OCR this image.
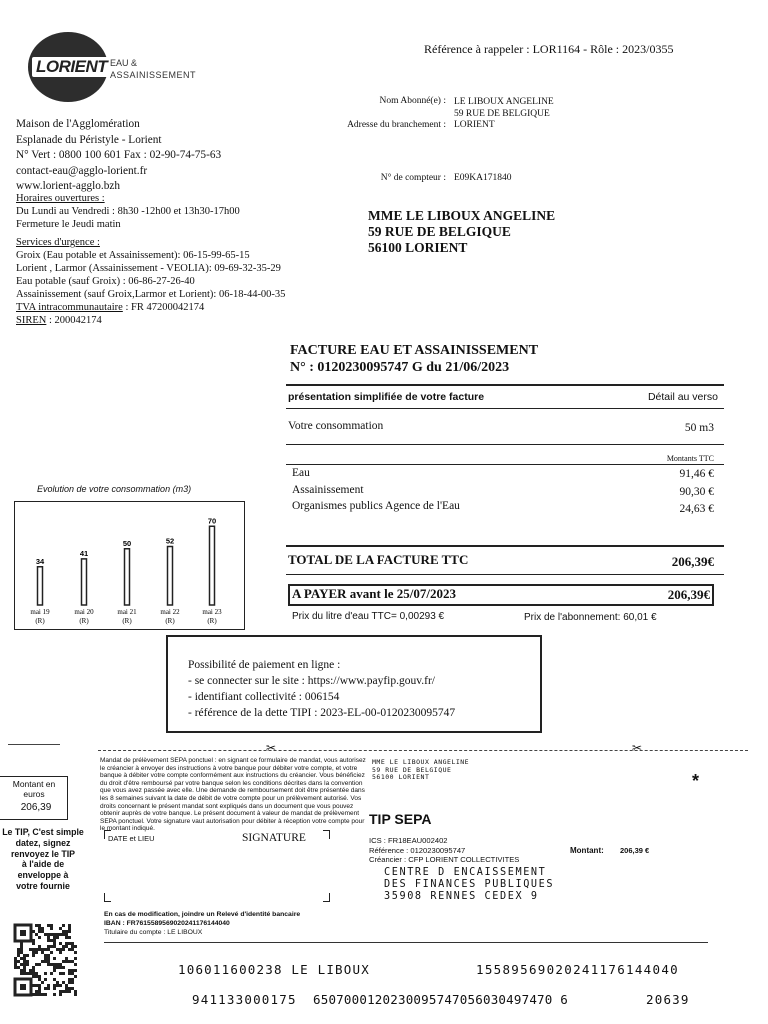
LORIENT EAU &
ASSAINISSEMENT
Référence à rappeler : LOR1164 - Rôle : 2023/0355
Maison de l'Agglomération
Esplanade du Péristyle - Lorient
N° Vert : 0800 100 601 Fax : 02-90-74-75-63
contact-eau@agglo-lorient.fr
www.lorient-agglo.bzh
Horaires ouvertures :
Du Lundi au Vendredi : 8h30 -12h00 et 13h30-17h00
Fermeture le Jeudi matin
Services d'urgence :
Groix (Eau potable et Assainissement): 06-15-99-65-15
Lorient , Larmor (Assainissement - VEOLIA): 09-69-32-35-29
Eau potable (sauf Groix) : 06-86-27-26-40
Assainissement (sauf Groix,Larmor et Lorient): 06-18-44-00-35
TVA intracommunautaire : FR 47200042174
SIREN : 200042174
Nom Abonné(e) : LE LIBOUX ANGELINE
59 RUE DE BELGIQUE
Adresse du branchement : LORIENT
N° de compteur : E09KA171840
MME LE LIBOUX ANGELINE
59 RUE DE BELGIQUE
56100 LORIENT
FACTURE EAU ET ASSAINISSEMENT
N° : 0120230095747 G du 21/06/2023
présentation simplifiée de votre facture	Détail au verso
Votre consommation	50 m3
Montants TTC
Eau	91,46 €
Assainissement	90,30 €
Organismes publics Agence de l'Eau	24,63 €
TOTAL DE LA FACTURE TTC	206,39€
A PAYER avant le 25/07/2023	206,39€
Prix du litre d'eau TTC= 0,00293 €	Prix de l'abonnement: 60,01 €
Evolution de votre consommation (m3)
34
mai 19
(R)
41
mai 20
(R)
50
mai 21
(R)
52
mai 22
(R)
70
mai 23
(R)
Possibilité de paiement en ligne :
- se connecter sur le site : https://www.payfip.gouv.fr/
- identifiant collectivité : 006154
- référence de la dette TIPI : 2023-EL-00-0120230095747
✂	✂
Montant en euros
206,39
Le TIP, C'est simple
datez, signez
renvoyez le TIP
à l'aide de
enveloppe à
votre fournie
Mandat de prélèvement SEPA ponctuel : en signant ce formulaire de mandat, vous autorisez le créancier à envoyer des instructions à votre banque pour débiter votre compte, et votre banque à débiter votre compte conformément aux instructions du créancier. Vous bénéficiez du droit d'être remboursé par votre banque selon les conditions décrites dans la convention que vous avez passée avec elle. Une demande de remboursement doit être présentée dans les 8 semaines suivant la date de débit de votre compte pour un prélèvement autorisé. Vos droits concernant le présent mandat sont expliqués dans un document que vous pouvez obtenir auprès de votre banque. Le présent document à valeur de mandat de prélèvement SEPA ponctuel. Votre signature vaut autorisation pour débiter à réception votre compte pour le montant indiqué.
DATE et LIEU	SIGNATURE
En cas de modification, joindre un Relevé d'identité bancaire
IBAN : FR7615589569020241176144040
Titulaire du compte : LE LIBOUX
MME LE LIBOUX ANGELINE
59 RUE DE BELGIQUE
56100 LORIENT	*
TIP SEPA
ICS : FR18EAU002402
Référence : 0120230095747
Créancier : CFP LORIENT COLLECTIVITES
Montant: 206,39 €
CENTRE D ENCAISSEMENT
DES FINANCES PUBLIQUES
35908 RENNES CEDEX 9
106011600238 LE LIBOUX	15589569020241176144040
941133000175 6507000120230095747056030497470 6	20639
